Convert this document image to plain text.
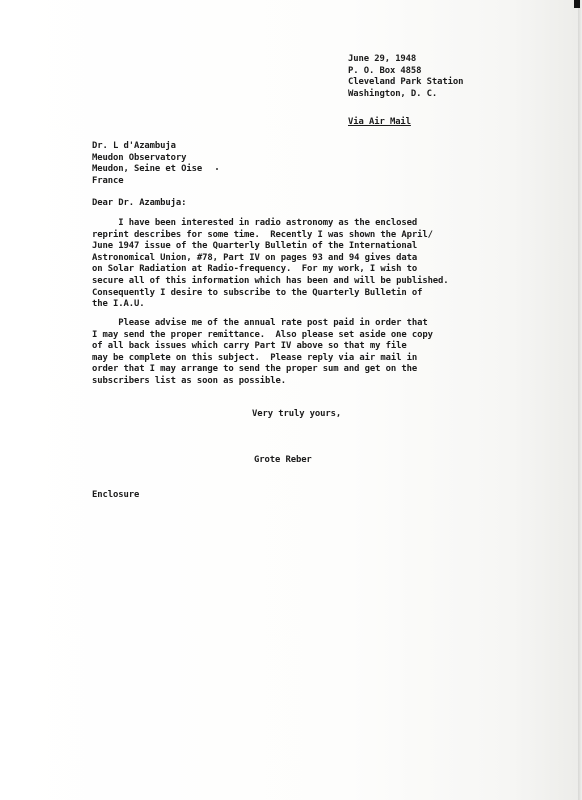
June 29, 1948
P. O. Box 4858
Cleveland Park Station
Washington, D. C.
Via Air Mail
Dr. L d'Azambuja
Meudon Observatory
Meudon, Seine et Oise
France
Dear Dr. Azambuja:
I have been interested in radio astronomy as the enclosed
reprint describes for some time.  Recently I was shown the April/
June 1947 issue of the Quarterly Bulletin of the International
Astronomical Union, #78, Part IV on pages 93 and 94 gives data
on Solar Radiation at Radio-frequency.  For my work, I wish to
secure all of this information which has been and will be published.
Consequently I desire to subscribe to the Quarterly Bulletin of
the I.A.U.
Please advise me of the annual rate post paid in order that
I may send the proper remittance.  Also please set aside one copy
of all back issues which carry Part IV above so that my file
may be complete on this subject.  Please reply via air mail in
order that I may arrange to send the proper sum and get on the
subscribers list as soon as possible.
Very truly yours,
Grote Reber
Enclosure
